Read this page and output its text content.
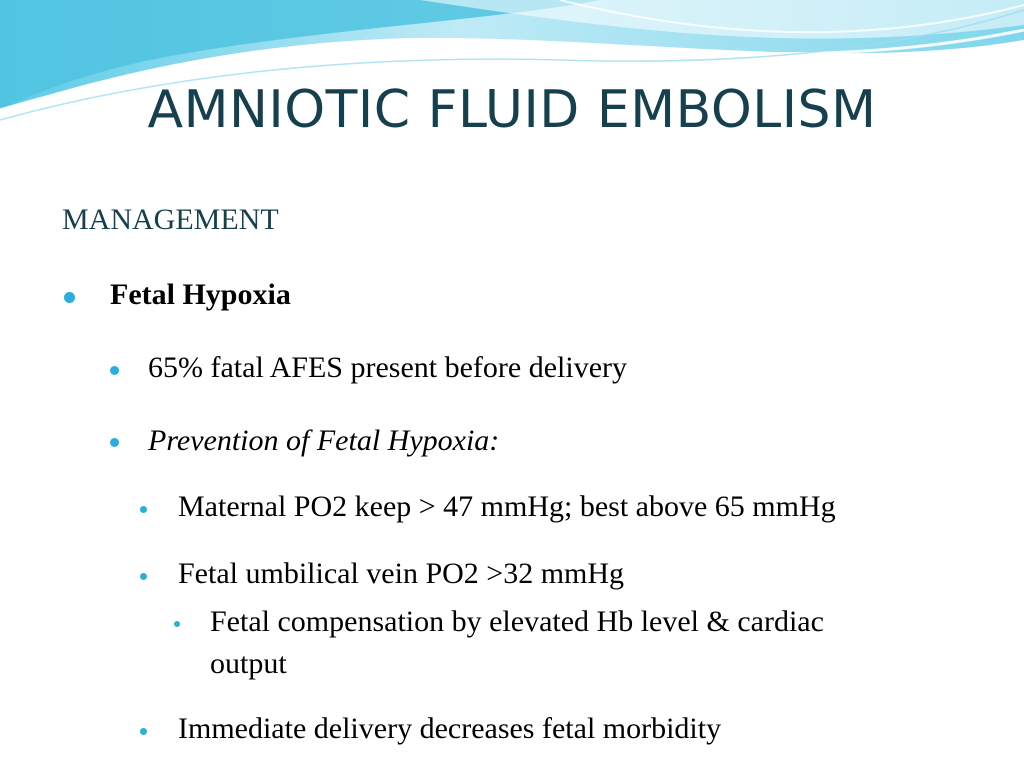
AMNIOTIC FLUID EMBOLISM
MANAGEMENT
Fetal Hypoxia
65% fatal AFES present before delivery
Prevention of Fetal Hypoxia:
Maternal PO2 keep > 47 mmHg; best above 65 mmHg
Fetal umbilical vein PO2 >32 mmHg
Fetal compensation by elevated Hb level & cardiac
output
Immediate delivery decreases fetal morbidity
